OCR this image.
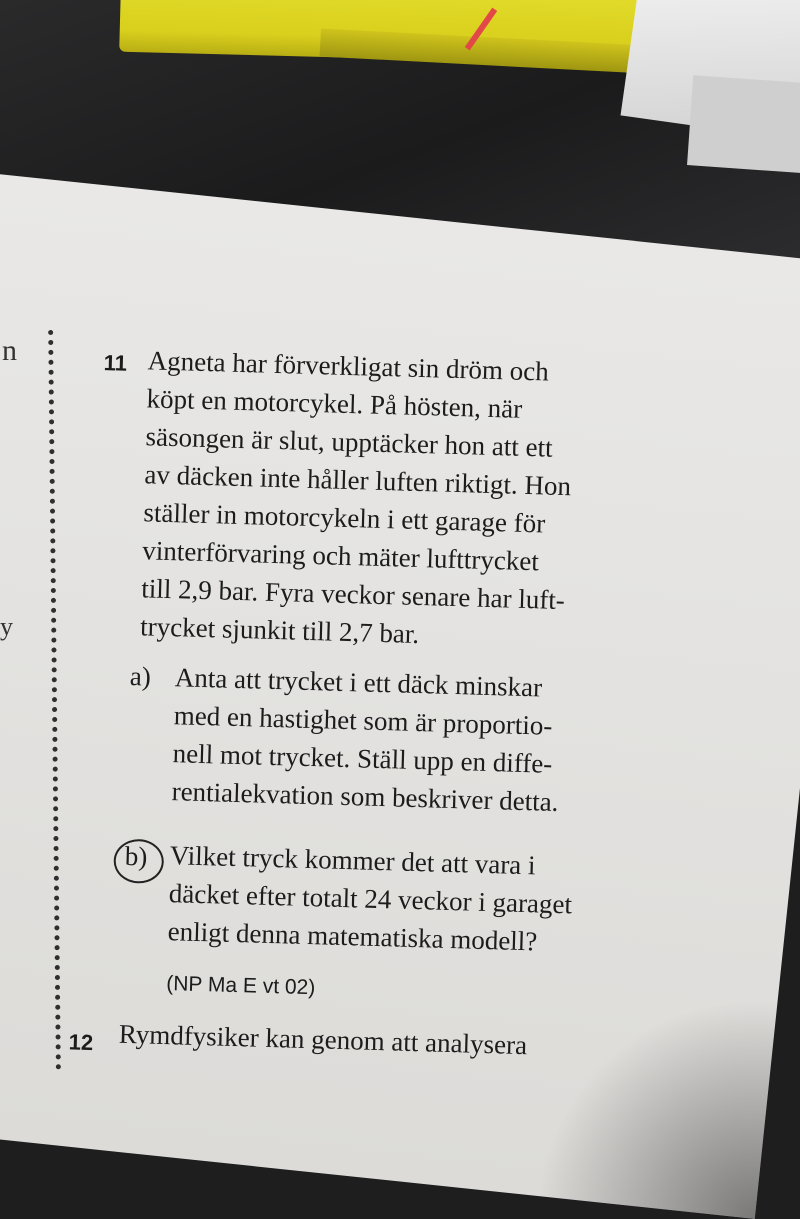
n
y
11 Agneta har förverkligat sin dröm och
köpt en motorcykel. På hösten, när
säsongen är slut, upptäcker hon att ett
av däcken inte håller luften riktigt. Hon
ställer in motorcykeln i ett garage för
vinterförvaring och mäter lufttrycket
till 2,9 bar. Fyra veckor senare har luft-
trycket sjunkit till 2,7 bar.
a) Anta att trycket i ett däck minskar
med en hastighet som är proportio-
nell mot trycket. Ställ upp en diffe-
rentialekvation som beskriver detta.
b) Vilket tryck kommer det att vara i
däcket efter totalt 24 veckor i garaget
enligt denna matematiska modell?
(NP Ma E vt 02)
12 Rymdfysiker kan genom att analysera
